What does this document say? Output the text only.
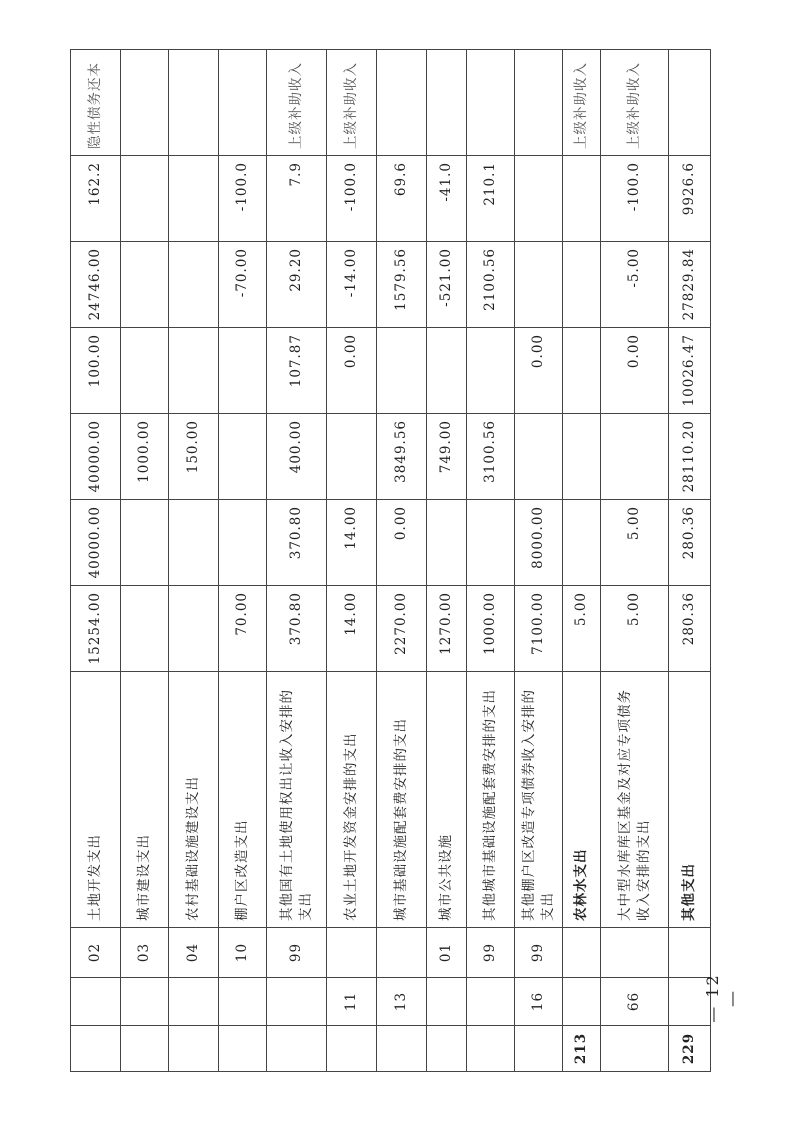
		02	土地开发支出	15254.00	40000.00	40000.00	100.00	24746.00	162.2	隐性债务还本
		03	城市建设支出			1000.00				
		04	农村基础设施建设支出			150.00				
		10	棚户区改造支出	70.00				-70.00	-100.0	
		99	其他国有土地使用权出让收入安排的支出	370.80	370.80	400.00	107.87	29.20	7.9	上级补助收入
	11		农业土地开发资金安排的支出	14.00	14.00		0.00	-14.00	-100.0	上级补助收入
	13		城市基础设施配套费安排的支出	2270.00	0.00	3849.56		1579.56	69.6	
		01	城市公共设施	1270.00		749.00		-521.00	-41.0	
		99	其他城市基础设施配套费安排的支出	1000.00		3100.56		2100.56	210.1	
	16	99	其他棚户区改造专项债券收入安排的支出	7100.00	8000.00		0.00			
213			农林水支出	5.00						上级补助收入
	66		大中型水库库区基金及对应专项债务收入安排的支出	5.00	5.00		0.00	-5.00	-100.0	上级补助收入
229			其他支出	280.36	280.36	28110.20	10026.47	27829.84	9926.6	
— 12 —
